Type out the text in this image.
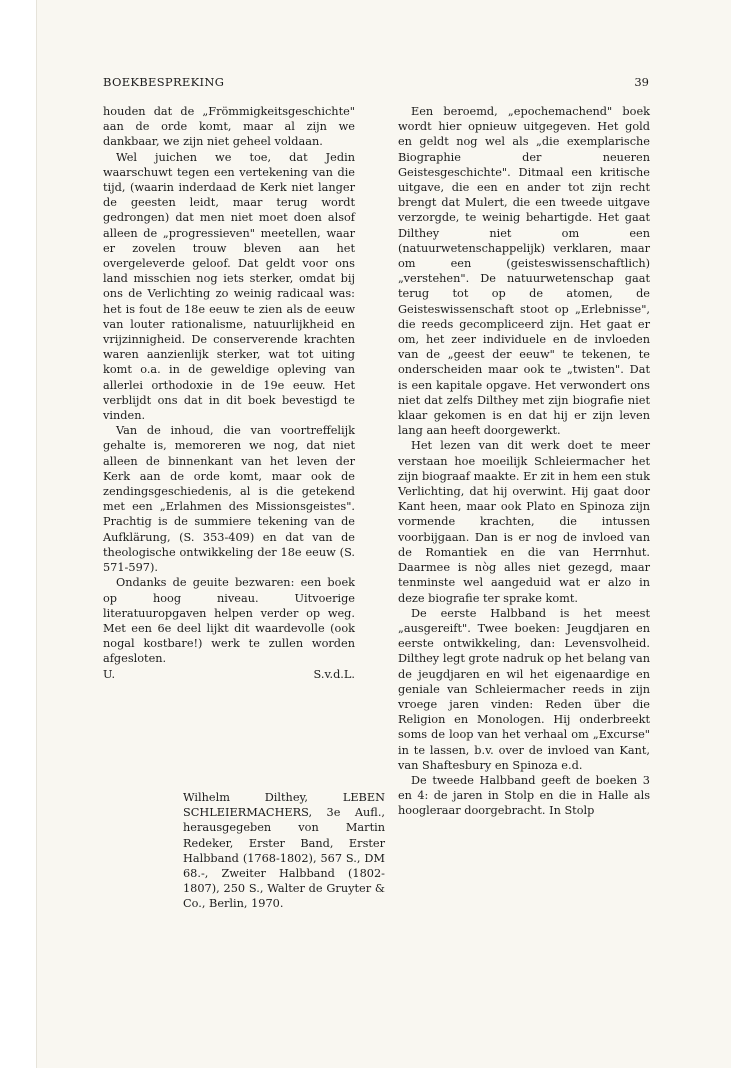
BOEKBESPREKING	39

houden dat de „Frömmigkeitsgeschichte" aan de orde komt, maar al zijn we dankbaar, we zijn niet geheel voldaan.

Wel juichen we toe, dat Jedin waarschuwt tegen een vertekening van die tijd, (waarin inderdaad de Kerk niet langer de geesten leidt, maar terug wordt gedrongen) dat men niet moet doen alsof alleen de „progressieven" meetellen, waar er zovelen trouw bleven aan het overgeleverde geloof. Dat geldt voor ons land misschien nog iets sterker, omdat bij ons de Verlichting zo weinig radicaal was: het is fout de 18e eeuw te zien als de eeuw van louter rationalisme, natuurlijkheid en vrijzinnigheid. De conserverende krachten waren aanzienlijk sterker, wat tot uiting komt o.a. in de geweldige opleving van allerlei orthodoxie in de 19e eeuw. Het verblijdt ons dat in dit boek bevestigd te vinden.

Van de inhoud, die van voortreffelijk gehalte is, memoreren we nog, dat niet alleen de binnenkant van het leven der Kerk aan de orde komt, maar ook de zendingsgeschiedenis, al is die getekend met een „Erlahmen des Missionsgeistes". Prachtig is de summiere tekening van de Aufklärung, (S. 353-409) en dat van de theologische ontwikkeling der 18e eeuw (S. 571-597).

Ondanks de geuite bezwaren: een boek op hoog niveau. Uitvoerige literatuuropgaven helpen verder op weg. Met een 6e deel lijkt dit waardevolle (ook nogal kostbare!) werk te zullen worden afgesloten.

U.	S.v.d.L.

Wilhelm Dilthey,	LEBEN SCHLEIERMACHERS, 3e Aufl., herausgegeben von Martin Redeker, Erster Band, Erster Halbband (1768-1802), 567 S., DM 68.-, Zweiter Halbband (1802-1807), 250 S., Walter de Gruyter & Co., Berlin, 1970.

Een beroemd, „epochemachend" boek wordt hier opnieuw uitgegeven. Het gold en geldt nog wel als „die exemplarische Biographie der neueren Geistesgeschichte". Ditmaal een kritische uitgave, die een en ander tot zijn recht brengt dat Mulert, die een tweede uitgave verzorgde, te weinig behartigde. Het gaat Dilthey niet om een (natuurwetenschappelijk) verklaren, maar om een (geisteswissenschaftlich) „verstehen". De natuurwetenschap gaat terug tot op de atomen, de Geisteswissenschaft stoot op „Erlebnisse", die reeds gecompliceerd zijn. Het gaat er om, het zeer individuele en de invloeden van de „geest der eeuw" te tekenen, te onderscheiden maar ook te „twisten". Dat is een kapitale opgave. Het verwondert ons niet dat zelfs Dilthey met zijn biografie niet klaar gekomen is en dat hij er zijn leven lang aan heeft doorgewerkt.

Het lezen van dit werk doet te meer verstaan hoe moeilijk Schleiermacher het zijn biograaf maakte. Er zit in hem een stuk Verlichting, dat hij overwint. Hij gaat door Kant heen, maar ook Plato en Spinoza zijn vormende krachten, die intussen voorbijgaan. Dan is er nog de invloed van de Romantiek en die van Herrnhut. Daarmee is nòg alles niet gezegd, maar tenminste wel aangeduid wat er alzo in deze biografie ter sprake komt.

De eerste Halbband is het meest „ausgereift". Twee boeken: Jeugdjaren en eerste ontwikkeling, dan: Levensvolheid. Dilthey legt grote nadruk op het belang van de jeugdjaren en wil het eigenaardige en geniale van Schleiermacher reeds in zijn vroege jaren vinden: Reden über die Religion en Monologen. Hij onderbreekt soms de loop van het verhaal om „Excurse" in te lassen, b.v. over de invloed van Kant, van Shaftesbury en Spinoza e.d.

De tweede Halbband geeft de boeken 3 en 4: de jaren in Stolp en die in Halle als hoogleraar doorgebracht. In Stolp
